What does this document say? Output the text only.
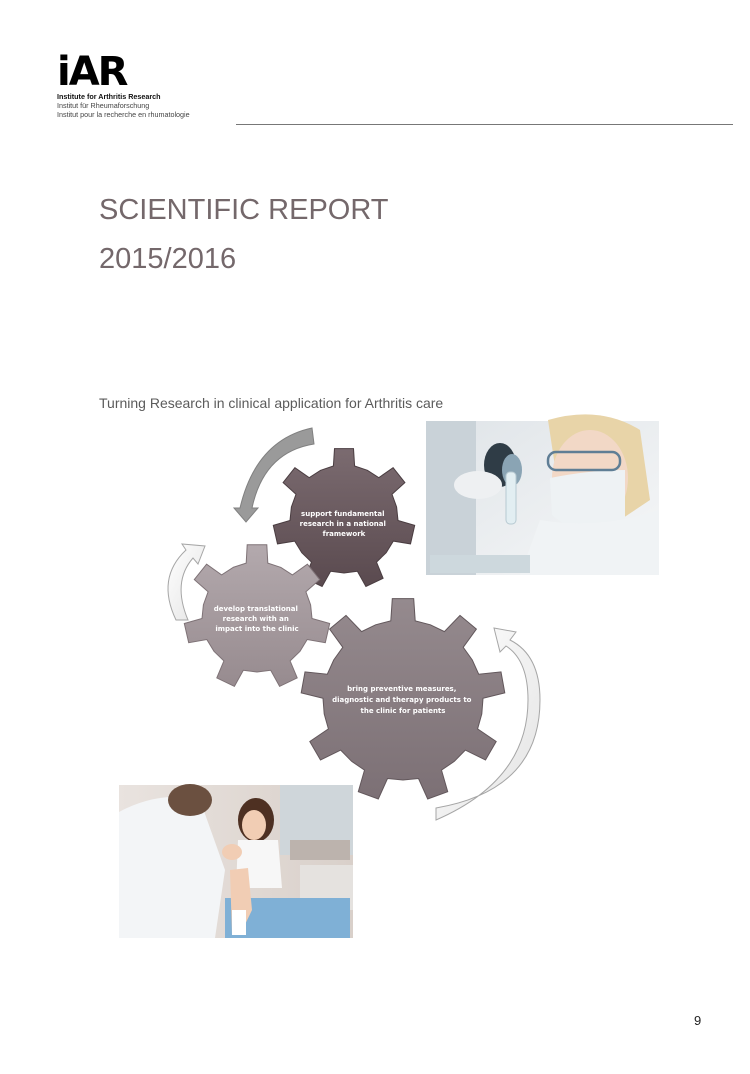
iAR
Institute for Arthritis Research
Institut für Rheumaforschung
Institut pour la recherche en rhumatologie
SCIENTIFIC REPORT
2015/2016
Turning Research in clinical application for Arthritis care
support fundamental research in a national framework
develop translational research with an impact into the clinic
bring preventive measures, diagnostic and therapy products to the clinic for patients
9
